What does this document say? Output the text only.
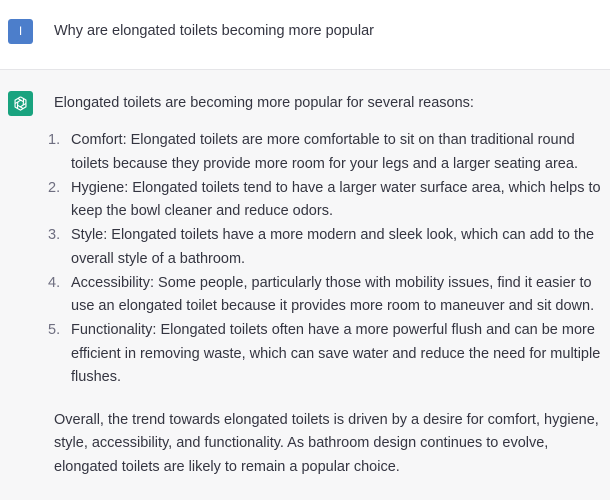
I	Why are elongated toilets becoming more popular

Elongated toilets are becoming more popular for several reasons:

1. Comfort: Elongated toilets are more comfortable to sit on than traditional round toilets because they provide more room for your legs and a larger seating area.
2. Hygiene: Elongated toilets tend to have a larger water surface area, which helps to keep the bowl cleaner and reduce odors.
3. Style: Elongated toilets have a more modern and sleek look, which can add to the overall style of a bathroom.
4. Accessibility: Some people, particularly those with mobility issues, find it easier to use an elongated toilet because it provides more room to maneuver and sit down.
5. Functionality: Elongated toilets often have a more powerful flush and can be more efficient in removing waste, which can save water and reduce the need for multiple flushes.

Overall, the trend towards elongated toilets is driven by a desire for comfort, hygiene, style, accessibility, and functionality. As bathroom design continues to evolve, elongated toilets are likely to remain a popular choice.
